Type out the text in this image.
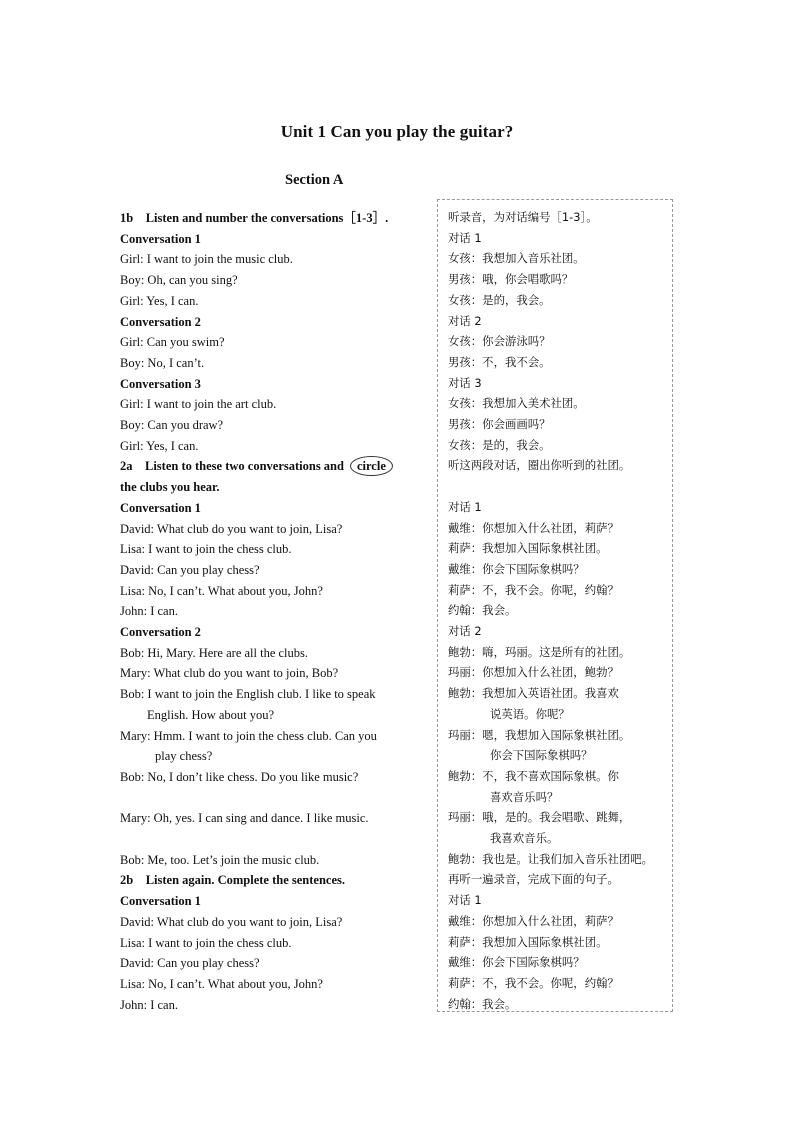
Unit 1 Can you play the guitar?
Section A
1b　Listen and number the conversations［1-3］.
Conversation 1
Girl: I want to join the music club.
Boy: Oh, can you sing?
Girl: Yes, I can.
Conversation 2
Girl: Can you swim?
Boy: No, I can’t.
Conversation 3
Girl: I want to join the art club.
Boy: Can you draw?
Girl: Yes, I can.
2a　Listen to these two conversations and circle
the clubs you hear.
Conversation 1
David: What club do you want to join, Lisa?
Lisa: I want to join the chess club.
David: Can you play chess?
Lisa: No, I can’t. What about you, John?
John: I can.
Conversation 2
Bob: Hi, Mary. Here are all the clubs.
Mary: What club do you want to join, Bob?
Bob: I want to join the English club. I like to speak
English. How about you?
Mary: Hmm. I want to join the chess club. Can you
play chess?
Bob: No, I don’t like chess. Do you like music?
Mary: Oh, yes. I can sing and dance. I like music.
Bob: Me, too. Let’s join the music club.
2b　Listen again. Complete the sentences.
Conversation 1
David: What club do you want to join, Lisa?
Lisa: I want to join the chess club.
David: Can you play chess?
Lisa: No, I can’t. What about you, John?
John: I can.
听录音，为对话编号［1-3］。
对话 1
女孩：我想加入音乐社团。
男孩：哦，你会唱歌吗？
女孩：是的，我会。
对话 2
女孩：你会游泳吗？
男孩：不，我不会。
对话 3
女孩：我想加入美术社团。
男孩：你会画画吗？
女孩：是的，我会。
听这两段对话，圈出你听到的社团。
对话 1
戴维：你想加入什么社团，莉萨？
莉萨：我想加入国际象棋社团。
戴维：你会下国际象棋吗？
莉萨：不，我不会。你呢，约翰？
约翰：我会。
对话 2
鲍勃：嗨，玛丽。这是所有的社团。
玛丽：你想加入什么社团，鲍勃？
鲍勃：我想加入英语社团。我喜欢
说英语。你呢？
玛丽：嗯，我想加入国际象棋社团。
你会下国际象棋吗？
鲍勃：不，我不喜欢国际象棋。你
喜欢音乐吗？
玛丽：哦，是的。我会唱歌、跳舞，
我喜欢音乐。
鲍勃：我也是。让我们加入音乐社团吧。
再听一遍录音，完成下面的句子。
对话 1
戴维：你想加入什么社团，莉萨？
莉萨：我想加入国际象棋社团。
戴维：你会下国际象棋吗？
莉萨：不，我不会。你呢，约翰？
约翰：我会。
